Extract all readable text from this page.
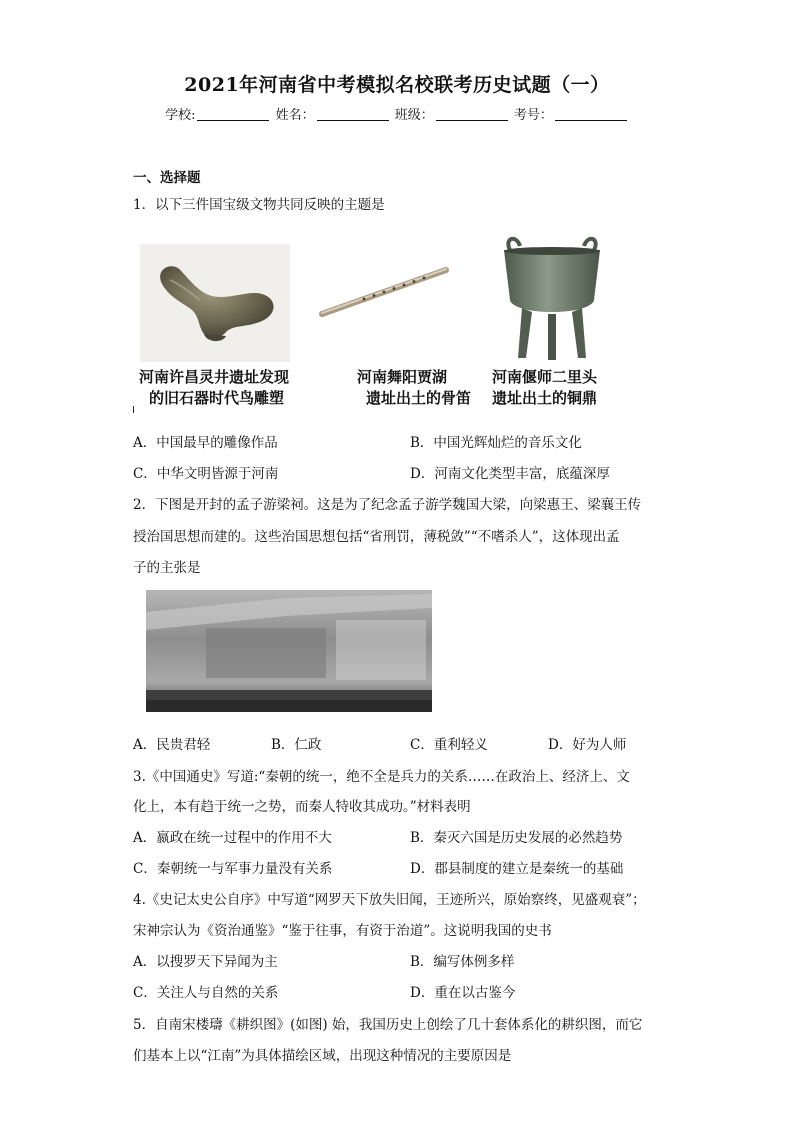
2021年河南省中考模拟名校联考历史试题（一）
学校:	姓名：	班级：	考号：
一、选择题
1．以下三件国宝级文物共同反映的主题是
河南许昌灵井遗址发现
的旧石器时代鸟雕塑
河南舞阳贾湖
遗址出土的骨笛
河南偃师二里头
遗址出土的铜鼎
A．中国最早的雕像作品	B．中国光辉灿烂的音乐文化
C．中华文明皆源于河南	D．河南文化类型丰富，底蕴深厚
2．下图是开封的孟子游梁祠。这是为了纪念孟子游学魏国大梁，向梁惠王、梁襄王传
授治国思想而建的。这些治国思想包括“省刑罚，薄税敛”“不嗜杀人”，这体现出孟
子的主张是
A．民贵君轻	B．仁政	C．重利轻义	D．好为人师
3.《中国通史》写道:“秦朝的统一，绝不全是兵力的关系……在政治上、经济上、文
化上，本有趋于统一之势，而秦人特收其成功。”材料表明
A．嬴政在统一过程中的作用不大	B．秦灭六国是历史发展的必然趋势
C．秦朝统一与军事力量没有关系	D．郡县制度的建立是秦统一的基础
4.《史记太史公自序》中写道“网罗天下放失旧闻，王迹所兴，原始察终，见盛观衰”；
宋神宗认为《资治通鉴》“鉴于往事，有资于治道”。这说明我国的史书
A．以搜罗天下异闻为主	B．编写体例多样
C．关注人与自然的关系	D．重在以古鉴今
5．自南宋楼璹《耕织图》(如图) 始，我国历史上创绘了几十套体系化的耕织图，而它
们基本上以“江南”为具体描绘区域，出现这种情况的主要原因是
